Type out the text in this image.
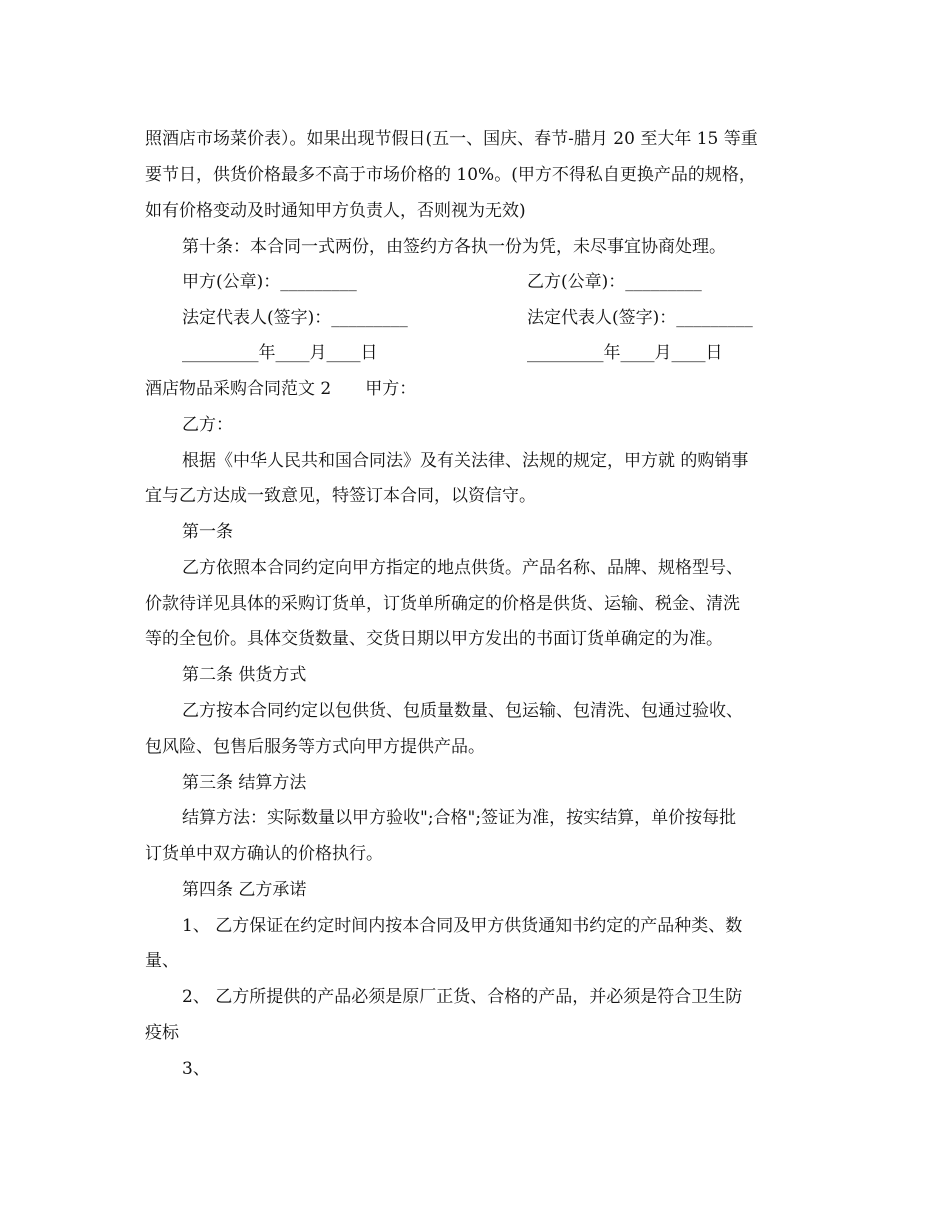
照酒店市场菜价表）。如果出现节假日(五一、国庆、春节-腊月 20 至大年 15 等重
要节日，供货价格最多不高于市场价格的 10%。(甲方不得私自更换产品的规格，
如有价格变动及时通知甲方负责人，否则视为无效)
第十条：本合同一式两份，由签约方各执一份为凭，未尽事宜协商处理。
甲方(公章)：_________	乙方(公章)：_________
法定代表人(签字)：_________	法定代表人(签字)：_________
_________年____月____日	_________年____月____日
酒店物品采购合同范文 2 甲方：
乙方：
根据《中华人民共和国合同法》及有关法律、法规的规定，甲方就 的购销事
宜与乙方达成一致意见，特签订本合同，以资信守。
第一条
乙方依照本合同约定向甲方指定的地点供货。产品名称、品牌、规格型号、
价款待详见具体的采购订货单，订货单所确定的价格是供货、运输、税金、清洗
等的全包价。具体交货数量、交货日期以甲方发出的书面订货单确定的为准。
第二条 供货方式
乙方按本合同约定以包供货、包质量数量、包运输、包清洗、包通过验收、
包风险、包售后服务等方式向甲方提供产品。
第三条 结算方法
结算方法：实际数量以甲方验收";合格";签证为准，按实结算，单价按每批
订货单中双方确认的价格执行。
第四条 乙方承诺
1、 乙方保证在约定时间内按本合同及甲方供货通知书约定的产品种类、数
量、
2、 乙方所提供的产品必须是原厂正货、合格的产品，并必须是符合卫生防
疫标
3、
